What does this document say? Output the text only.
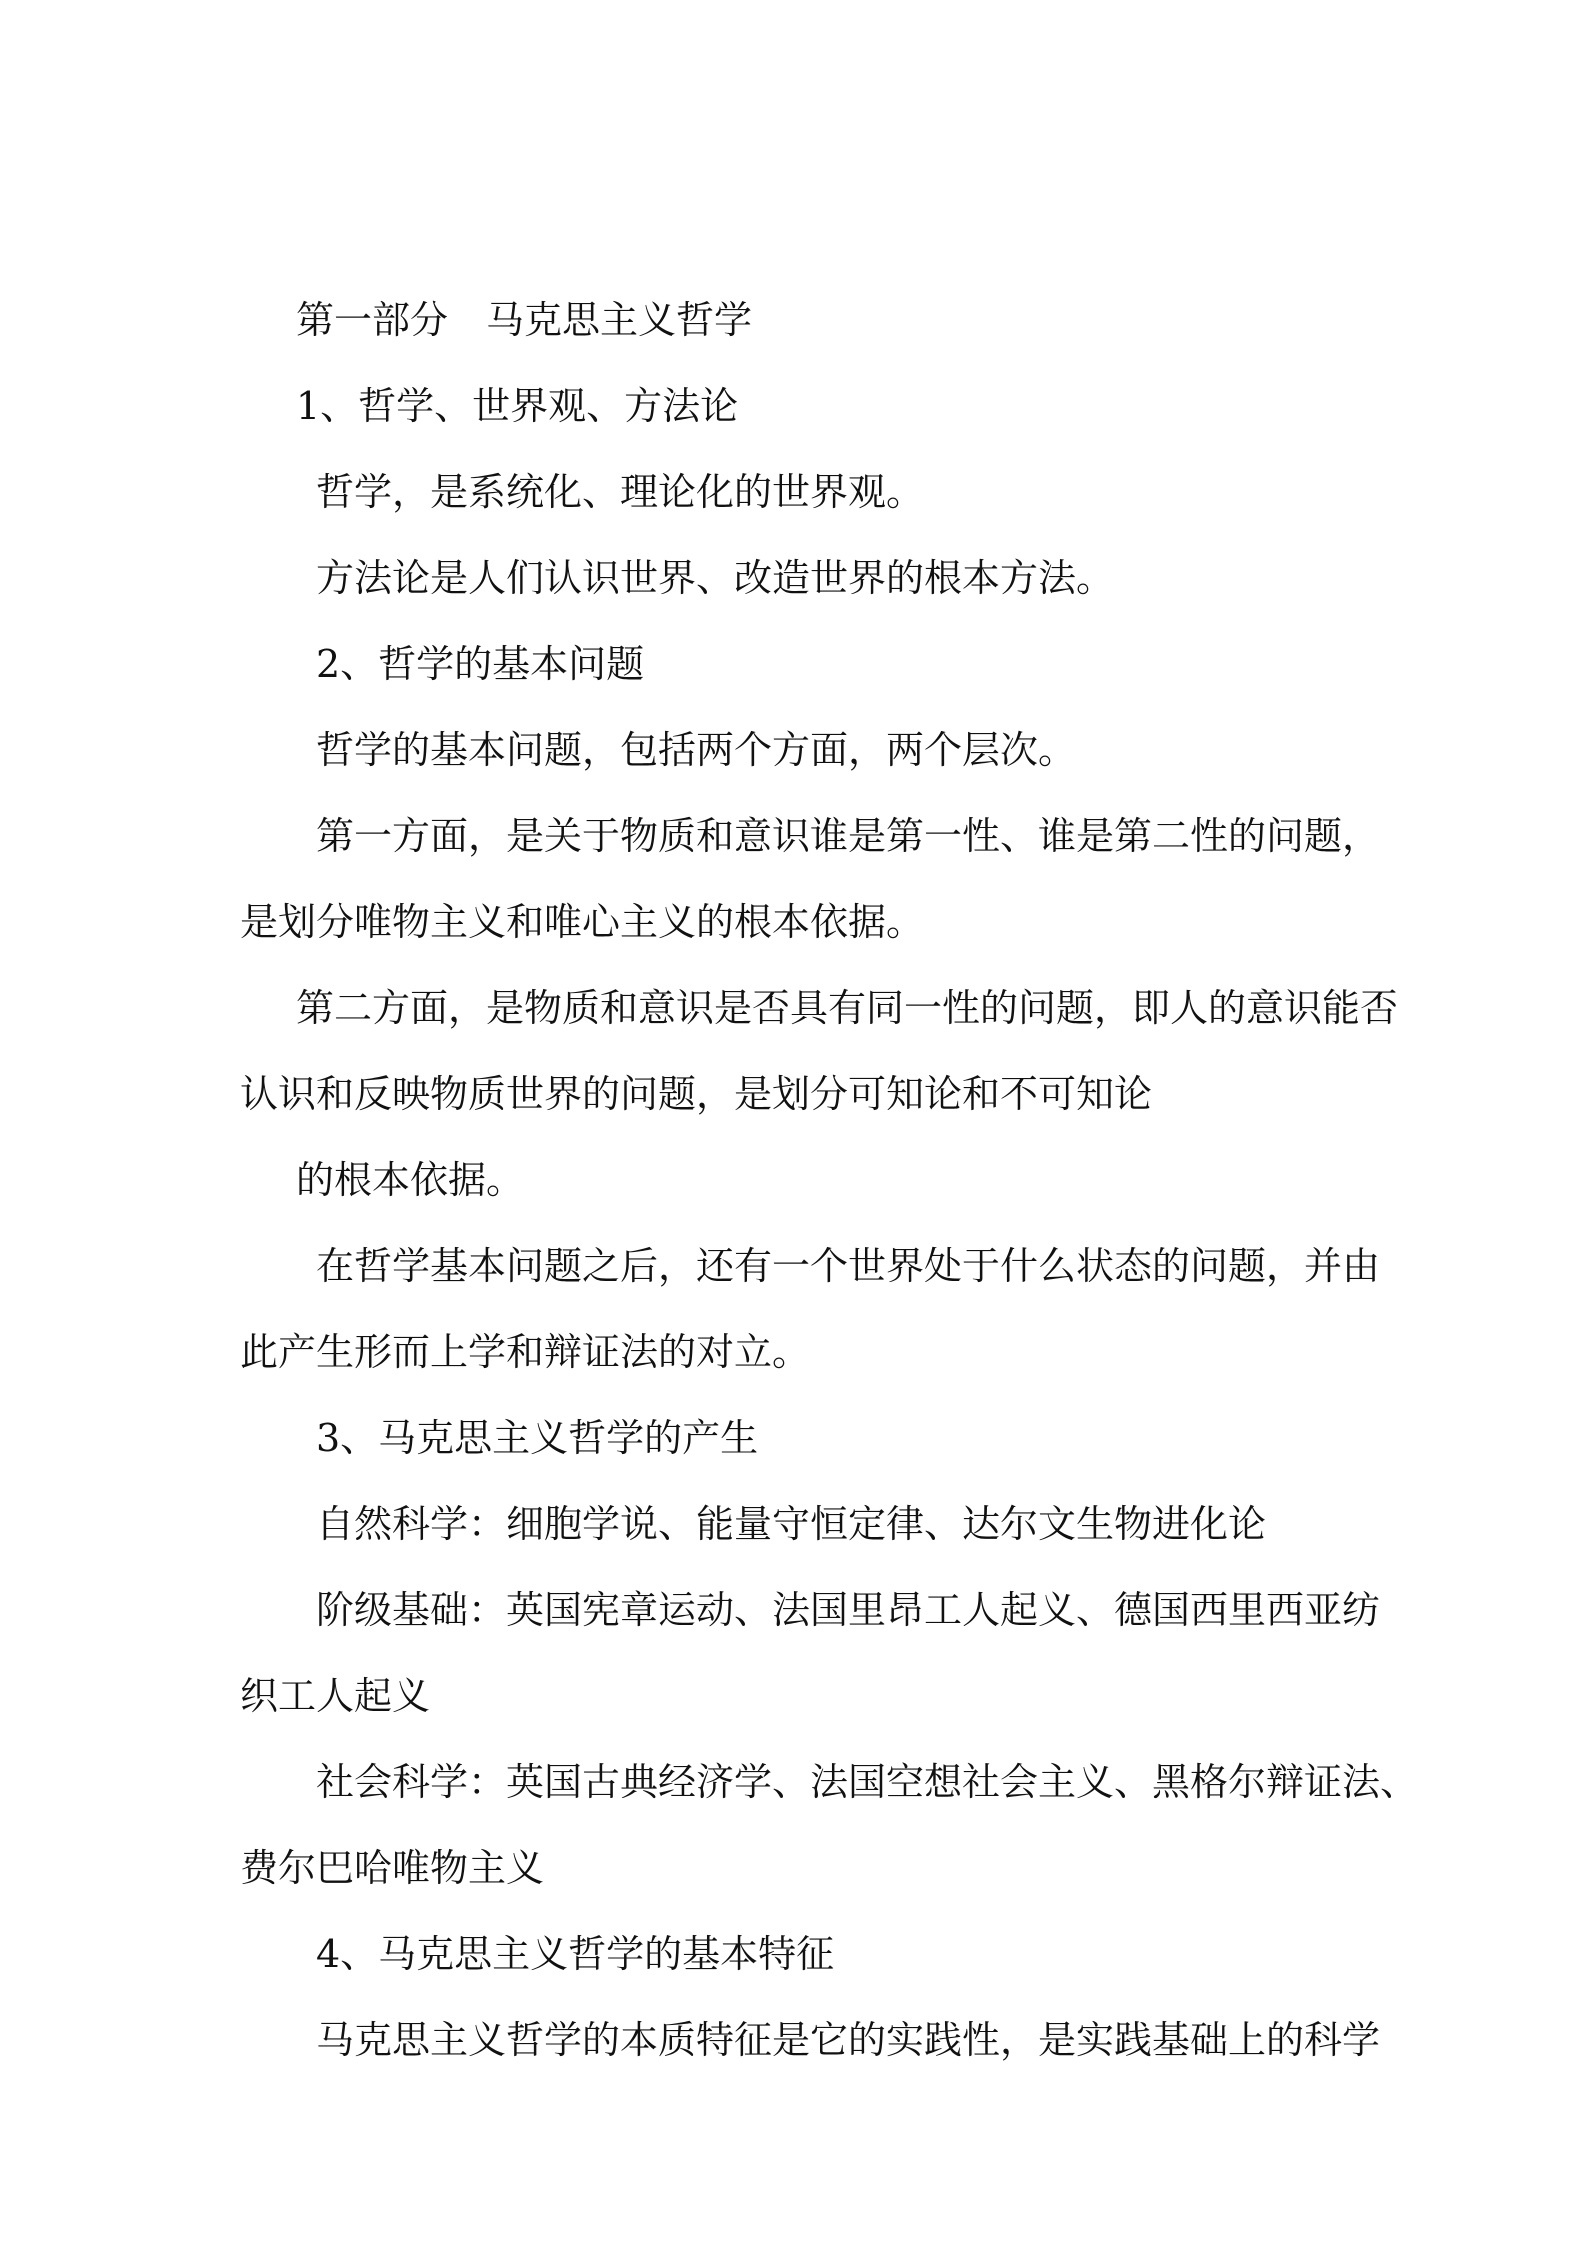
第一部分　马克思主义哲学
1、哲学、世界观、方法论
哲学，是系统化、理论化的世界观。
方法论是人们认识世界、改造世界的根本方法。
2、哲学的基本问题
哲学的基本问题，包括两个方面，两个层次。
第一方面，是关于物质和意识谁是第一性、谁是第二性的问题，
是划分唯物主义和唯心主义的根本依据。
第二方面，是物质和意识是否具有同一性的问题，即人的意识能否
认识和反映物质世界的问题，是划分可知论和不可知论
的根本依据。
在哲学基本问题之后，还有一个世界处于什么状态的问题，并由
此产生形而上学和辩证法的对立。
3、马克思主义哲学的产生
自然科学：细胞学说、能量守恒定律、达尔文生物进化论
阶级基础：英国宪章运动、法国里昂工人起义、德国西里西亚纺
织工人起义
社会科学：英国古典经济学、法国空想社会主义、黑格尔辩证法、
费尔巴哈唯物主义
4、马克思主义哲学的基本特征
马克思主义哲学的本质特征是它的实践性，是实践基础上的科学
